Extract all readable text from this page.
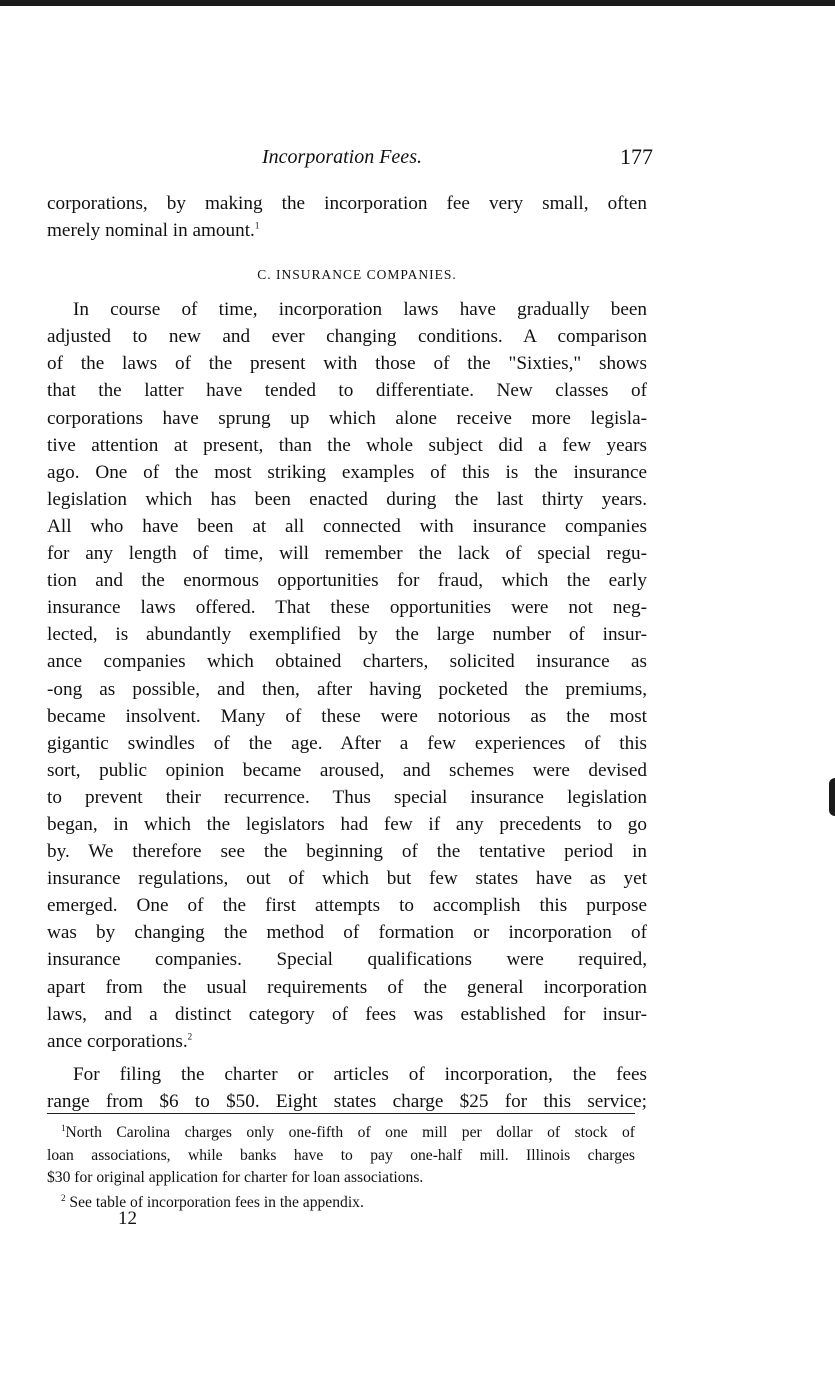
Incorporation Fees.	177
corporations, by making the incorporation fee very small, often
merely nominal in amount.$^1$
C. INSURANCE COMPANIES.
In course of time, incorporation laws have gradually been
adjusted to new and ever changing conditions. A comparison
of the laws of the present with those of the "Sixties," shows
that the latter have tended to differentiate. New classes of
corporations have sprung up which alone receive more legisla-
tive attention at present, than the whole subject did a few years
ago. One of the most striking examples of this is the insurance
legislation which has been enacted during the last thirty years.
All who have been at all connected with insurance companies
for any length of time, will remember the lack of special regu-
tion and the enormous opportunities for fraud, which the early
insurance laws offered. That these opportunities were not neg-
lected, is abundantly exemplified by the large number of insur-
ance companies which obtained charters, solicited insurance as
-ong as possible, and then, after having pocketed the premiums,
became insolvent. Many of these were notorious as the most
gigantic swindles of the age. After a few experiences of this
sort, public opinion became aroused, and schemes were devised
to prevent their recurrence. Thus special insurance legislation
began, in which the legislators had few if any precedents to go
by. We therefore see the beginning of the tentative period in
insurance regulations, out of which but few states have as yet
emerged. One of the first attempts to accomplish this purpose
was by changing the method of formation or incorporation of
insurance companies. Special qualifications were required,
apart from the usual requirements of the general incorporation
laws, and a distinct category of fees was established for insur-
ance corporations.$^2$
For filing the charter or articles of incorporation, the fees
range from $6 to $50. Eight states charge $25 for this service;
$^1$North Carolina charges only one-fifth of one mill per dollar of stock of
loan associations, while banks have to pay one-half mill. Illinois charges
$30 for original application for charter for loan associations.
$^2$ See table of incorporation fees in the appendix.
12
